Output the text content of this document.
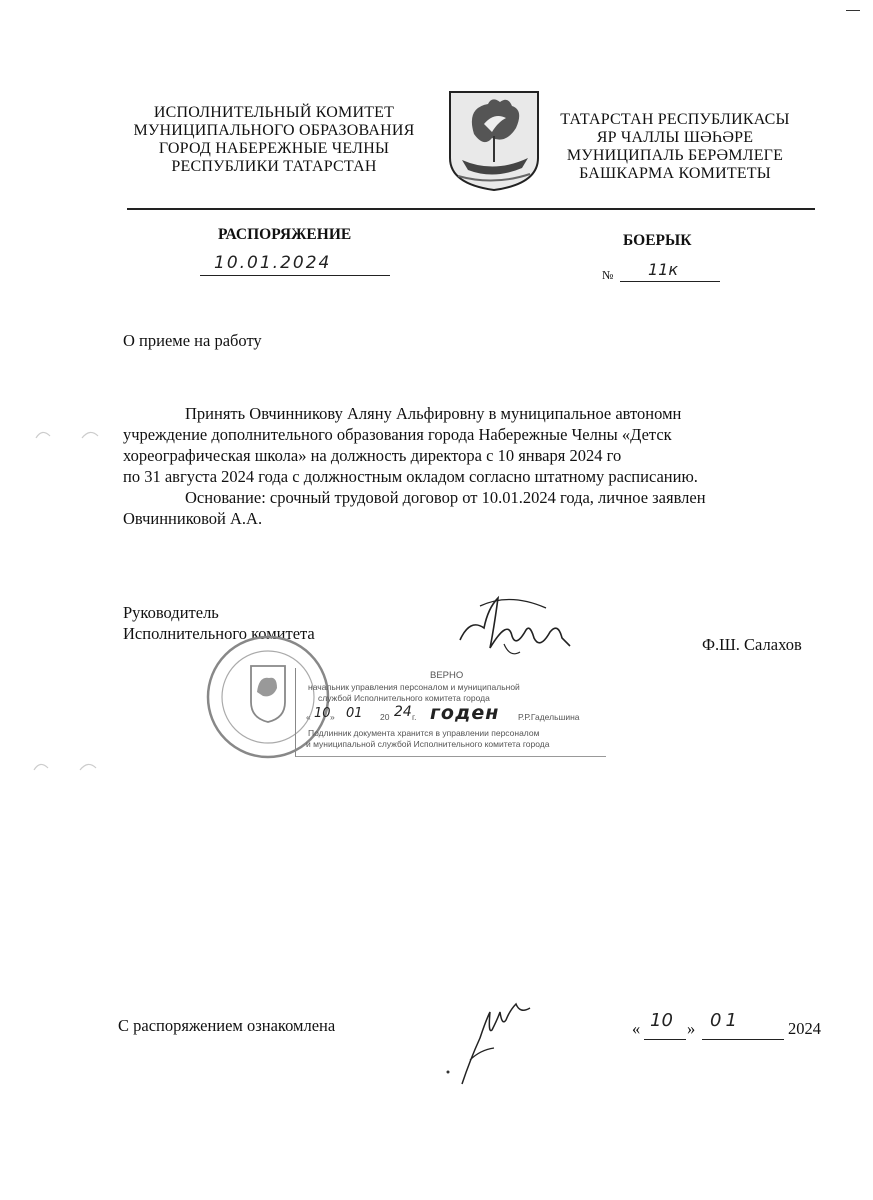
ИСПОЛНИТЕЛЬНЫЙ КОМИТЕТ
МУНИЦИПАЛЬНОГО ОБРАЗОВАНИЯ
ГОРОД НАБЕРЕЖНЫЕ ЧЕЛНЫ
РЕСПУБЛИКИ ТАТАРСТАН
ТАТАРСТАН РЕСПУБЛИКАСЫ
ЯР ЧАЛЛЫ ШӘҺӘРЕ
МУНИЦИПАЛЬ БЕРӘМЛЕГЕ
БАШКАРМА КОМИТЕТЫ
РАСПОРЯЖЕНИЕ	БОЕРЫК
10.01.2024
№ 11к
О приеме на работу
Принять Овчинникову Аляну Альфировну в муниципальное автономн
учреждение дополнительного образования города Набережные Челны «Детск
хореографическая школа» на должность директора с 10 января 2024 го
по 31 августа 2024 года с должностным окладом согласно штатному расписанию.
Основание: срочный трудовой договор от 10.01.2024 года, личное заявлен
Овчинниковой А.А.
Руководитель
Исполнительного комитета
Ф.Ш. Салахов
ВЕРНО
начальник управления персоналом и муниципальной
службой Исполнительного комитета города
« 10 » 01 20 24 г. годен Р.Р.Гадельшина
Подлинник документа хранится в управлении персоналом
и муниципальной службой Исполнительного комитета города
С распоряжением ознакомлена	« 10 » 01	2024
